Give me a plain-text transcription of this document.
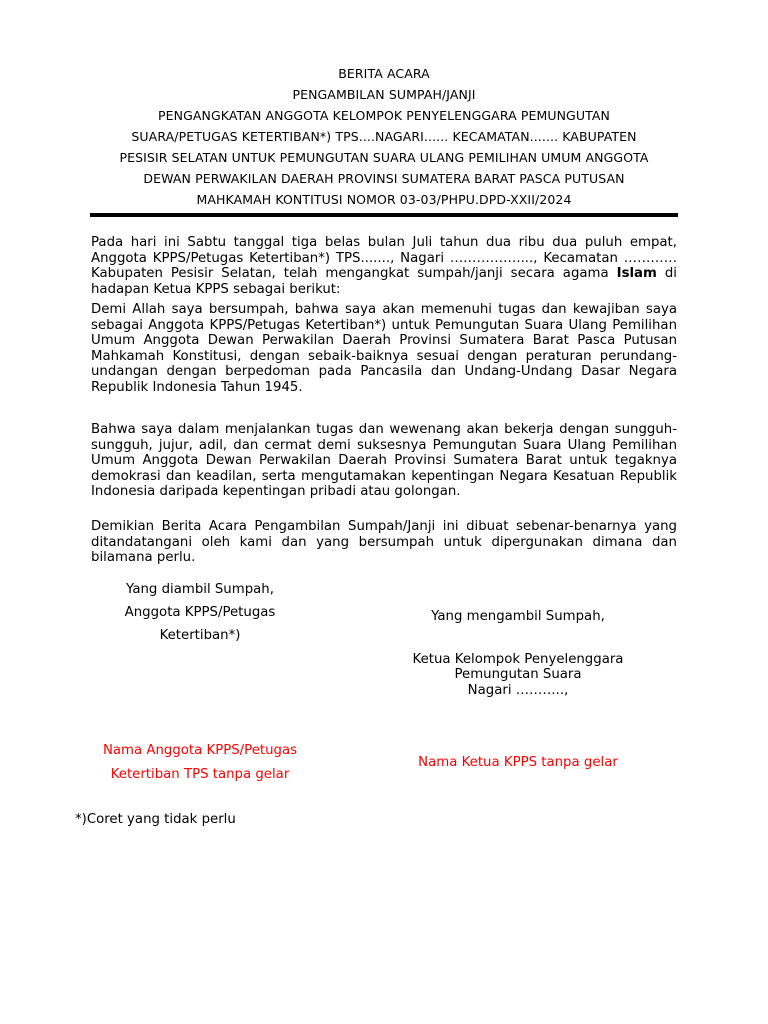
BERITA ACARA
PENGAMBILAN SUMPAH/JANJI
PENGANGKATAN ANGGOTA KELOMPOK PENYELENGGARA PEMUNGUTAN
SUARA/PETUGAS KETERTIBAN*) TPS....NAGARI...... KECAMATAN....... KABUPATEN
PESISIR SELATAN UNTUK PEMUNGUTAN SUARA ULANG PEMILIHAN UMUM ANGGOTA
DEWAN PERWAKILAN DAERAH PROVINSI SUMATERA BARAT PASCA PUTUSAN
MAHKAMAH KONTITUSI NOMOR 03-03/PHPU.DPD-XXII/2024
Pada hari ini Sabtu tanggal tiga belas bulan Juli tahun dua ribu dua puluh empat, Anggota KPPS/Petugas Ketertiban*) TPS......., Nagari ……………...., Kecamatan ………… Kabupaten Pesisir Selatan, telah mengangkat sumpah/janji secara agama Islam di hadapan Ketua KPPS sebagai berikut:
Demi Allah saya bersumpah, bahwa saya akan memenuhi tugas dan kewajiban saya sebagai Anggota KPPS/Petugas Ketertiban*) untuk Pemungutan Suara Ulang Pemilihan Umum Anggota Dewan Perwakilan Daerah Provinsi Sumatera Barat Pasca Putusan Mahkamah Konstitusi, dengan sebaik-baiknya sesuai dengan peraturan perundang-undangan dengan berpedoman pada Pancasila dan Undang-Undang Dasar Negara Republik Indonesia Tahun 1945.
Bahwa saya dalam menjalankan tugas dan wewenang akan bekerja dengan sungguh-sungguh, jujur, adil, dan cermat demi suksesnya Pemungutan Suara Ulang Pemilihan Umum Anggota Dewan Perwakilan Daerah Provinsi Sumatera Barat untuk tegaknya demokrasi dan keadilan, serta mengutamakan kepentingan Negara Kesatuan Republik Indonesia daripada kepentingan pribadi atau golongan.
Demikian Berita Acara Pengambilan Sumpah/Janji ini dibuat sebenar-benarnya yang ditandatangani oleh kami dan yang bersumpah untuk dipergunakan dimana dan bilamana perlu.
Yang diambil Sumpah,
Anggota KPPS/Petugas
Ketertiban*)
Nama Anggota KPPS/Petugas
Ketertiban TPS tanpa gelar
Yang mengambil Sumpah,
Ketua Kelompok Penyelenggara
Pemungutan Suara
Nagari ………..,
Nama Ketua KPPS tanpa gelar
*)Coret yang tidak perlu
